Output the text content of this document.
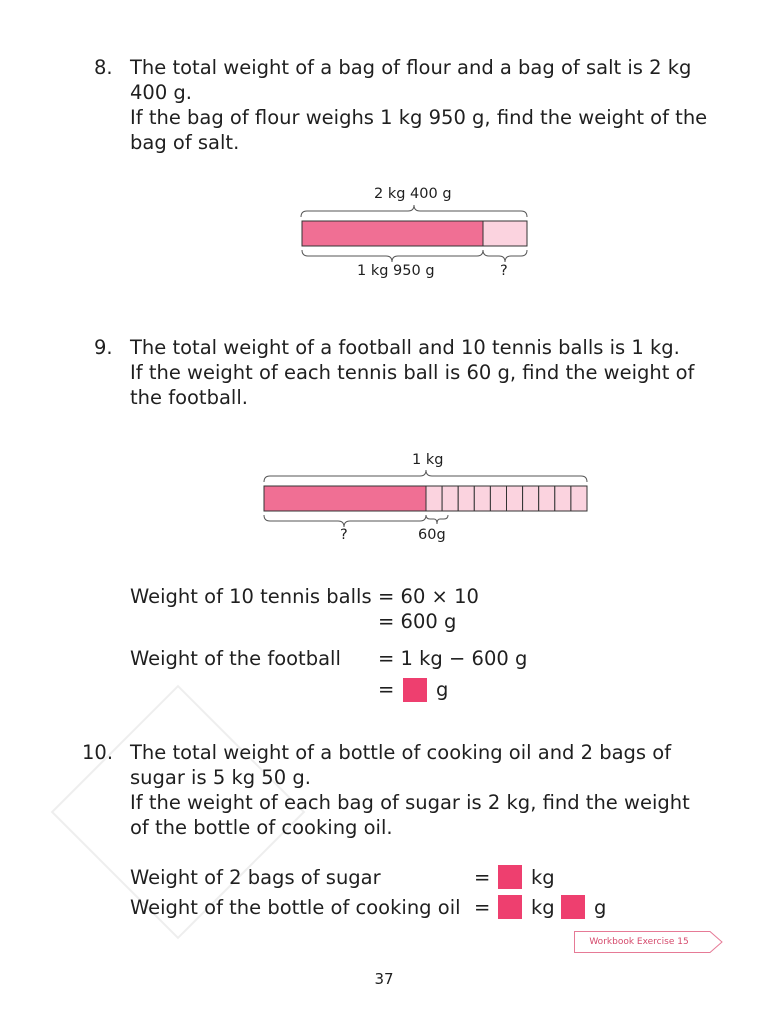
8. The total weight of a bag of flour and a bag of salt is 2 kg
400 g.
If the bag of flour weighs 1 kg 950 g, find the weight of the
bag of salt.
2 kg 400 g
1 kg 950 g	?
9. The total weight of a football and 10 tennis balls is 1 kg.
If the weight of each tennis ball is 60 g, find the weight of
the football.
1 kg
?	60g
Weight of 10 tennis balls = 60 × 10
= 600 g
Weight of the football = 1 kg − 600 g
= g
10. The total weight of a bottle of cooking oil and 2 bags of
sugar is 5 kg 50 g.
If the weight of each bag of sugar is 2 kg, find the weight
of the bottle of cooking oil.
Weight of 2 bags of sugar	= kg
Weight of the bottle of cooking oil = kg g
Workbook Exercise 15
37
